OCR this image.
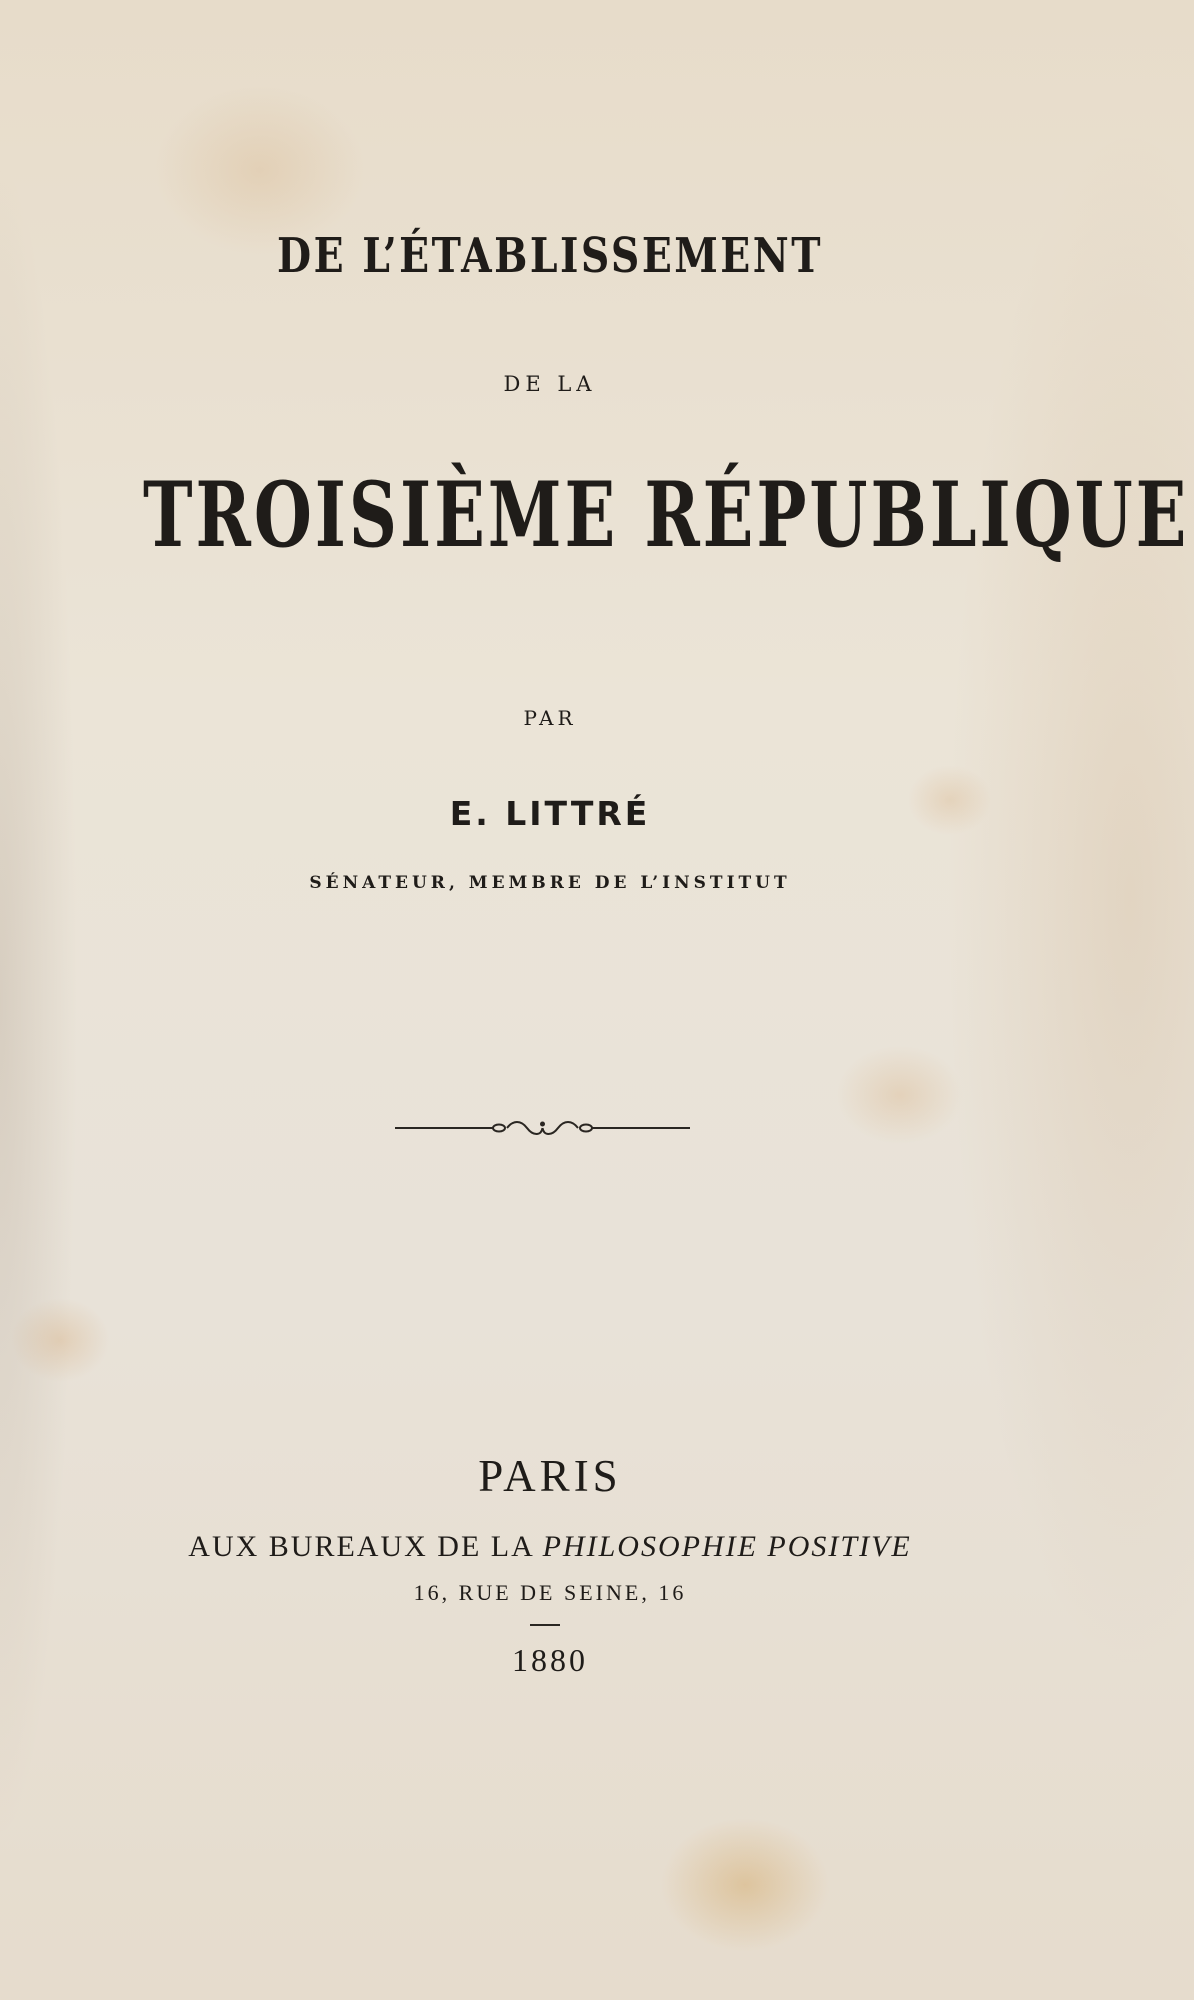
DE L’ÉTABLISSEMENT
DE LA
TROISIÈME RÉPUBLIQUE
PAR
E. LITTRÉ
SÉNATEUR, MEMBRE DE L’INSTITUT
PARIS
AUX BUREAUX DE LA PHILOSOPHIE POSITIVE
16, RUE DE SEINE, 16
1880
